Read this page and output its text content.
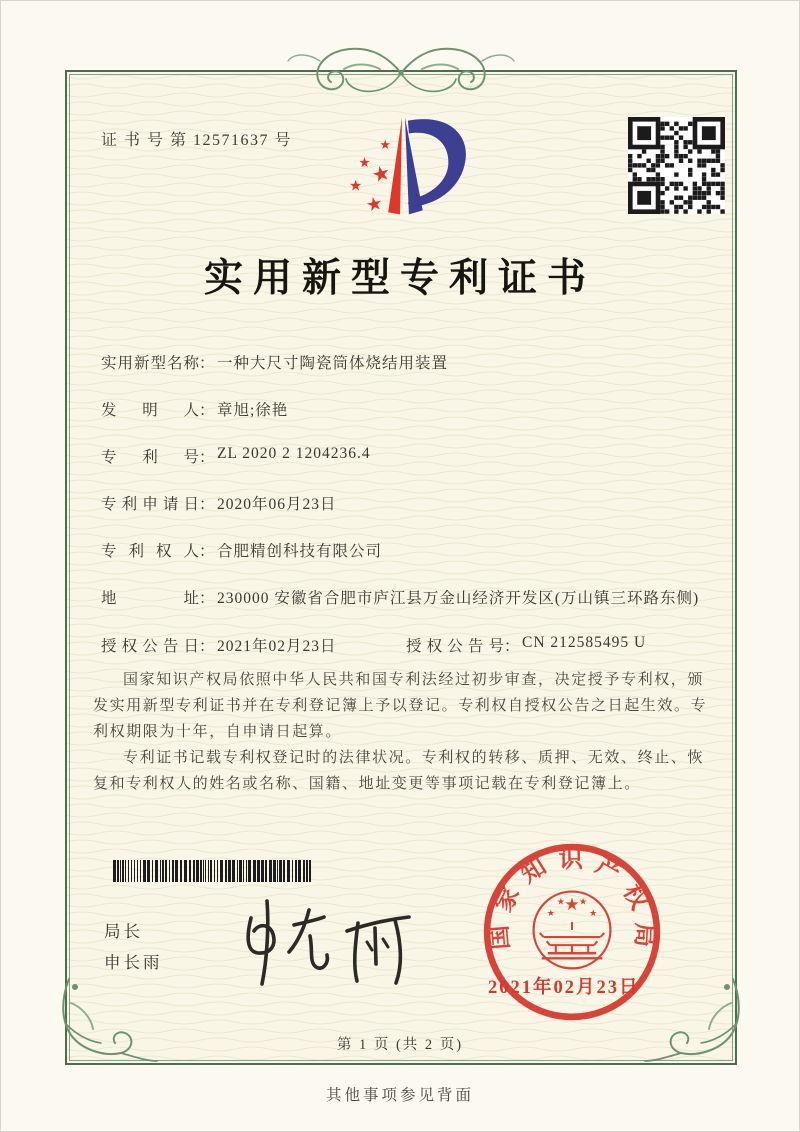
证 书 号 第 12571637 号	★
★
★
★
★
实用新型专利证书
实用新型名称： 一种大尺寸陶瓷筒体烧结用装置
发明人： 章旭;徐艳
专利号： ZL 2020 2 1204236.4
专利申请日： 2020年06月23日
专利权人： 合肥精创科技有限公司
地址： 230000 安徽省合肥市庐江县万金山经济开发区(万山镇三环路东侧)
授权公告日： 2021年02月23日	授权公告号： CN 212585495 U

国家知识产权局依照中华人民共和国专利法经过初步审查，决定授予专利权，颁发实用新型专利证书并在专利登记簿上予以登记。专利权自授权公告之日起生效。专利权期限为十年，自申请日起算。

专利证书记载专利权登记时的法律状况。专利权的转移、质押、无效、终止、恢复和专利权人的姓名或名称、国籍、地址变更等事项记载在专利登记簿上。

局长
申长雨
国家知识产权局
★
★
★ ★
★
2021年02月23日
第 1 页 (共 2 页)
其他事项参见背面
